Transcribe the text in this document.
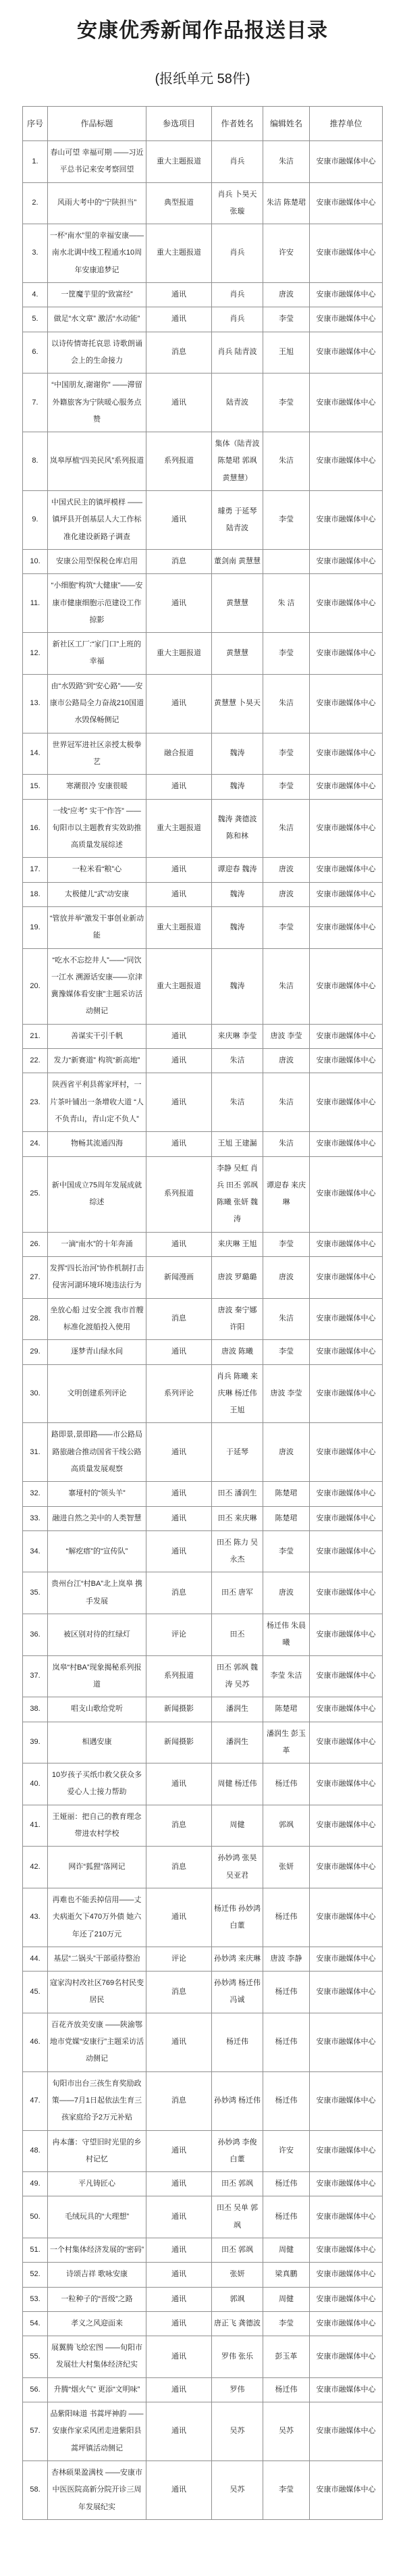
安康优秀新闻作品报送目录
(报纸单元 58件)
序号	作品标题	参选项目	作者姓名	编辑姓名	推荐单位
1.	春山可望 幸福可期 ——习近平总书记来安考察回望	重大主题报道	肖兵	朱洁	安康市融媒体中心
2.	风雨大考中的“宁陕担当”	典型报道	肖兵 卜昊天 张璇	朱洁 陈楚珺	安康市融媒体中心
3.	一杯“南水”里的幸福安康——南水北调中线工程通水10周年安康追梦记	重大主题报道	肖兵	许安	安康市融媒体中心
4.	一筐魔芋里的“致富经”	通讯	肖兵	唐波	安康市融媒体中心
5.	做足“水文章” 激活“水动能”	通讯	肖兵	李莹	安康市融媒体中心
6.	以诗传情寄托哀思 诗歌朗诵会上的生命接力	消息	肖兵 陆青波	王旭	安康市融媒体中心
7.	“中国朋友,谢谢你” ——滞留外籍旅客为宁陕暖心服务点赞	通讯	陆青波	李莹	安康市融媒体中心
8.	岚皋厚植“四美民风”系列报道	系列报道	集体（陆青波 陈楚珺 郭飒 黄慧慧）	朱洁	安康市融媒体中心
9.	中国式民主的镇坪模样 ——镇坪县开创基层人大工作标准化建设新路子调查	通讯	璩勇 于延琴 陆青波	李莹	安康市融媒体中心
10.	安康公用型保税仓库启用	消息	董剑南 黄慧慧		安康市融媒体中心
11.	“小细胞”构筑“大健康”——安康市健康细胞示范建设工作掠影	通讯	黄慧慧	朱 洁	安康市融媒体中心
12.	新社区工厂:“家门口”上班的幸福	重大主题报道	黄慧慧	李莹	安康市融媒体中心
13.	由“水毁路”到“安心路”——安康市公路局全力奋战210国道水毁保畅侧记	通讯	黄慧慧 卜昊天	朱洁	安康市融媒体中心
14.	世界冠军进社区亲授太极拳艺	融合报道	魏涛	李莹	安康市融媒体中心
15.	寒潮很冷 安康很暖	通讯	魏涛	李莹	安康市融媒体中心
16.	一线“应考” 实干“作答” ——旬阳市以主题教育实效助推高质量发展综述	重大主题报道	魏涛 龚德波 陈和林	朱洁	安康市融媒体中心
17.	一粒米看“粮”心	通讯	谭迎春 魏涛	唐波	安康市融媒体中心
18.	太极健儿“武”动安康	通讯	魏涛	唐波	安康市融媒体中心
19.	“管放并举”激发干事创业新动能	重大主题报道	魏涛	李莹	安康市融媒体中心
20.	“吃水不忘挖井人”——“同饮一江水 溯源话安康——京津冀豫媒体看安康”主题采访活动侧记	重大主题报道	魏涛	朱洁	安康市融媒体中心
21.	善谋实干引千帆	通讯	来庆琳 李莹	唐波 李莹	安康市融媒体中心
22.	发力“新赛道” 构筑“新高地”	通讯	朱洁	唐波	安康市融媒体中心
23.	陕西省平利县蒋家坪村，一片茶叶铺出一条增收大道 “人不负青山，青山定不负人”	通讯	朱洁	朱洁	安康市融媒体中心
24.	物畅其流通四海	通讯	王旭 王建漏	朱洁	安康市融媒体中心
25.	新中国成立75周年发展成就综述	系列报道	李静 吴虹 肖兵 田丕 郭飒 陈曦 张妍 魏涛	谭迎春 来庆琳	安康市融媒体中心
26.	一滴“南水”的十年奔涌	通讯	来庆琳 王旭	李莹	安康市融媒体中心
27.	发挥“四长治河”协作机制打击侵害河湖环境环境违法行为	新闻漫画	唐波 罗璐璐	唐波	安康市融媒体中心
28.	坐放心船 过安全渡 我市首艘标准化渡船投入使用	消息	唐波 秦宁娜 许阳	朱洁	安康市融媒体中心
29.	逐梦青山绿水间	通讯	唐波 陈曦	李莹	安康市融媒体中心
30.	文明创建系列评论	系列评论	肖兵 陈曦 来庆琳 杨迁伟 王旭	唐波 李莹	安康市融媒体中心
31.	路即景,景即路——市公路局路旅融合推动国省干线公路高质量发展观察	通讯	于延琴	唐波	安康市融媒体中心
32.	寨垭村的“领头羊”	通讯	田丕 潘润生	陈楚珺	安康市融媒体中心
33.	融进自然之美中的人类智慧	通讯	田丕 来庆琳	陈楚珺	安康市融媒体中心
34.	“解疙瘩”的“宣传队”	通讯	田丕 陈力 吴永杰	李莹	安康市融媒体中心
35.	贵州台江“村BA”北上岚皋 携手发展	消息	田丕 唐军	唐波	安康市融媒体中心
36.	被区别对待的红绿灯	评论	田丕	杨迁伟 朱晨曦	安康市融媒体中心
37.	岚皋“村BA”现象揭秘系列报道	系列报道	田丕 郭飒 魏涛 吴苏	李莹 朱洁	安康市融媒体中心
38.	唱支山歌给党听	新闻摄影	潘润生	陈楚珺	安康市融媒体中心
39.	相遇安康	新闻摄影	潘润生	潘润生 彭玉革	安康市融媒体中心
40.	10岁孩子买纸巾救父获众多爱心人士接力帮助	通讯	周健 杨迁伟	杨迁伟	安康市融媒体中心
41.	王娅丽：把自己的教育理念带进农村学校	消息	周健	郭飒	安康市融媒体中心
42.	网诈“狐狸”落网记	消息	孙妙鸿 张昊 吴亚君	张妍	安康市融媒体中心
43.	再难也不能丢掉信用——丈夫病逝欠下470万外债 她六年还了210万元	通讯	杨迁伟 孙妙鸿 白董	杨迁伟	安康市融媒体中心
44.	基层“二锅头”干部亟待整治	评论	孙妙鸿 来庆琳	唐波 李静	安康市融媒体中心
45.	寇家沟村改社区769名村民变居民	消息	孙妙鸿 杨迁伟 冯诚	杨迁伟	安康市融媒体中心
46.	百花齐放美安康 ——陕渝鄂地市党媒“安康行”主题采访活动侧记	通讯	杨迁伟	杨迁伟	安康市融媒体中心
47.	旬阳市出台三孩生育奖励政策——7月1日起依法生育三孩家庭给予2万元补贴	消息	孙妙鸿 杨迁伟	杨迁伟	安康市融媒体中心
48.	冉本藩：守望旧时光里的乡村记忆	通讯	孙妙鸿 李俊 白董	许安	安康市融媒体中心
49.	平凡铸匠心	通讯	田丕 郭飒	杨迁伟	安康市融媒体中心
50.	毛绒玩具的“大理想”	通讯	田丕 吴单 郭飒	杨迁伟	安康市融媒体中心
51.	一个村集体经济发展的“密码”	通讯	田丕 郭飒	周健	安康市融媒体中心
52.	诗颂吉祥 歌咏安康	通讯	张妍	梁真鹏	安康市融媒体中心
53.	一粒种子的“晋级”之路	通讯	郭飒	周健	安康市融媒体中心
54.	孝义之风迎面来	通讯	唐正飞 龚德波	李莹	安康市融媒体中心
55.	展翼腾飞绘宏图 ——旬阳市发展壮大村集体经济纪实	通讯	罗伟 张乐	彭玉革	安康市融媒体中心
56.	升腾“烟火气” 更添“文明味”	通讯	罗伟	杨迁伟	安康市融媒体中心
57.	品紫阳味道 书蒿坪神韵 ——安康作家采风团走进紫阳县蒿坪镇活动侧记	通讯	吴苏	吴苏	安康市融媒体中心
58.	杏林硕果盈满枝 ——安康市中医医院高新分院开诊三周年发展纪实	通讯	吴苏	李莹	安康市融媒体中心
